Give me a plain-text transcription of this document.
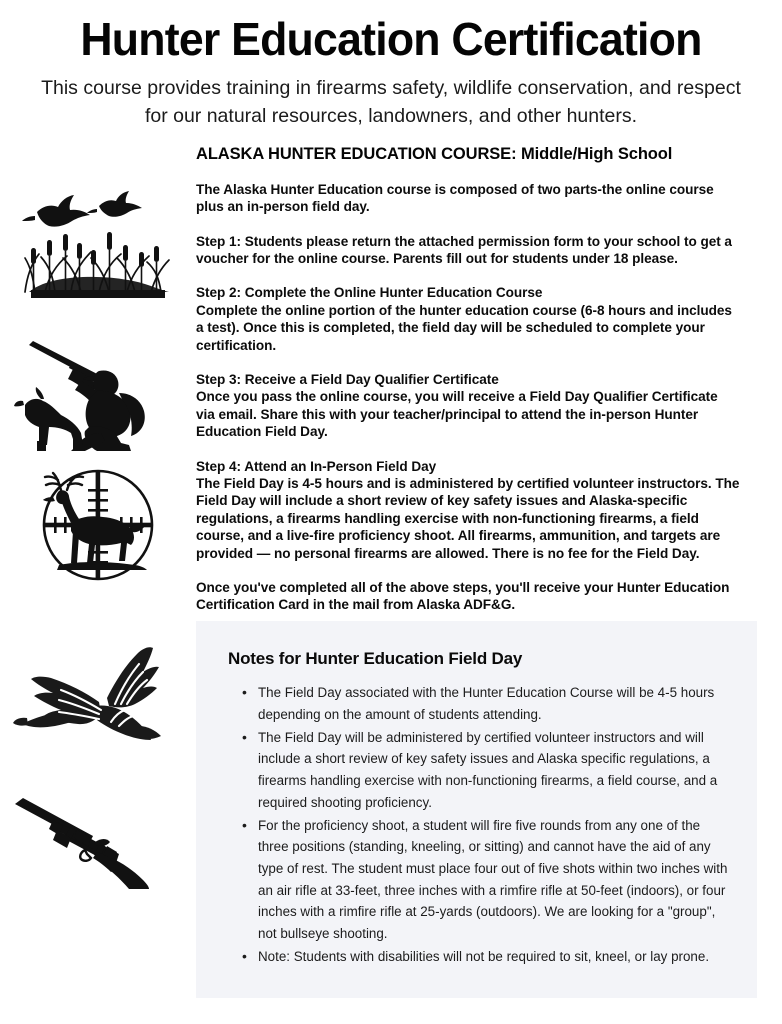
Hunter Education Certification

This course provides training in firearms safety, wildlife conservation, and respect for our natural resources, landowners, and other hunters.

ALASKA HUNTER EDUCATION COURSE: Middle/High School

The Alaska Hunter Education course is composed of two parts-the online course plus an in-person field day.

Step 1: Students please return the attached permission form to your school to get a voucher for the online course. Parents fill out for students under 18 please.

Step 2: Complete the Online Hunter Education Course
Complete the online portion of the hunter education course (6-8 hours and includes a test). Once this is completed, the field day will be scheduled to complete your certification.

Step 3: Receive a Field Day Qualifier Certificate
Once you pass the online course, you will receive a Field Day Qualifier Certificate via email. Share this with your teacher/principal to attend the in-person Hunter Education Field Day.

Step 4: Attend an In-Person Field Day
The Field Day is 4-5 hours and is administered by certified volunteer instructors. The Field Day will include a short review of key safety issues and Alaska-specific regulations, a firearms handling exercise with non-functioning firearms, a field course, and a live-fire proficiency shoot. All firearms, ammunition, and targets are provided — no personal firearms are allowed. There is no fee for the Field Day.

Once you've completed all of the above steps, you'll receive your Hunter Education Certification Card in the mail from Alaska ADF&G.

Notes for Hunter Education Field Day
• The Field Day associated with the Hunter Education Course will be 4-5 hours depending on the amount of students attending.
• The Field Day will be administered by certified volunteer instructors and will include a short review of key safety issues and Alaska specific regulations, a firearms handling exercise with non-functioning firearms, a field course, and a required shooting proficiency.
• For the proficiency shoot, a student will fire five rounds from any one of the three positions (standing, kneeling, or sitting) and cannot have the aid of any type of rest. The student must place four out of five shots within two inches with an air rifle at 33-feet, three inches with a rimfire rifle at 50-feet (indoors), or four inches with a rimfire rifle at 25-yards (outdoors). We are looking for a "group", not bullseye shooting.
• Note: Students with disabilities will not be required to sit, kneel, or lay prone.
